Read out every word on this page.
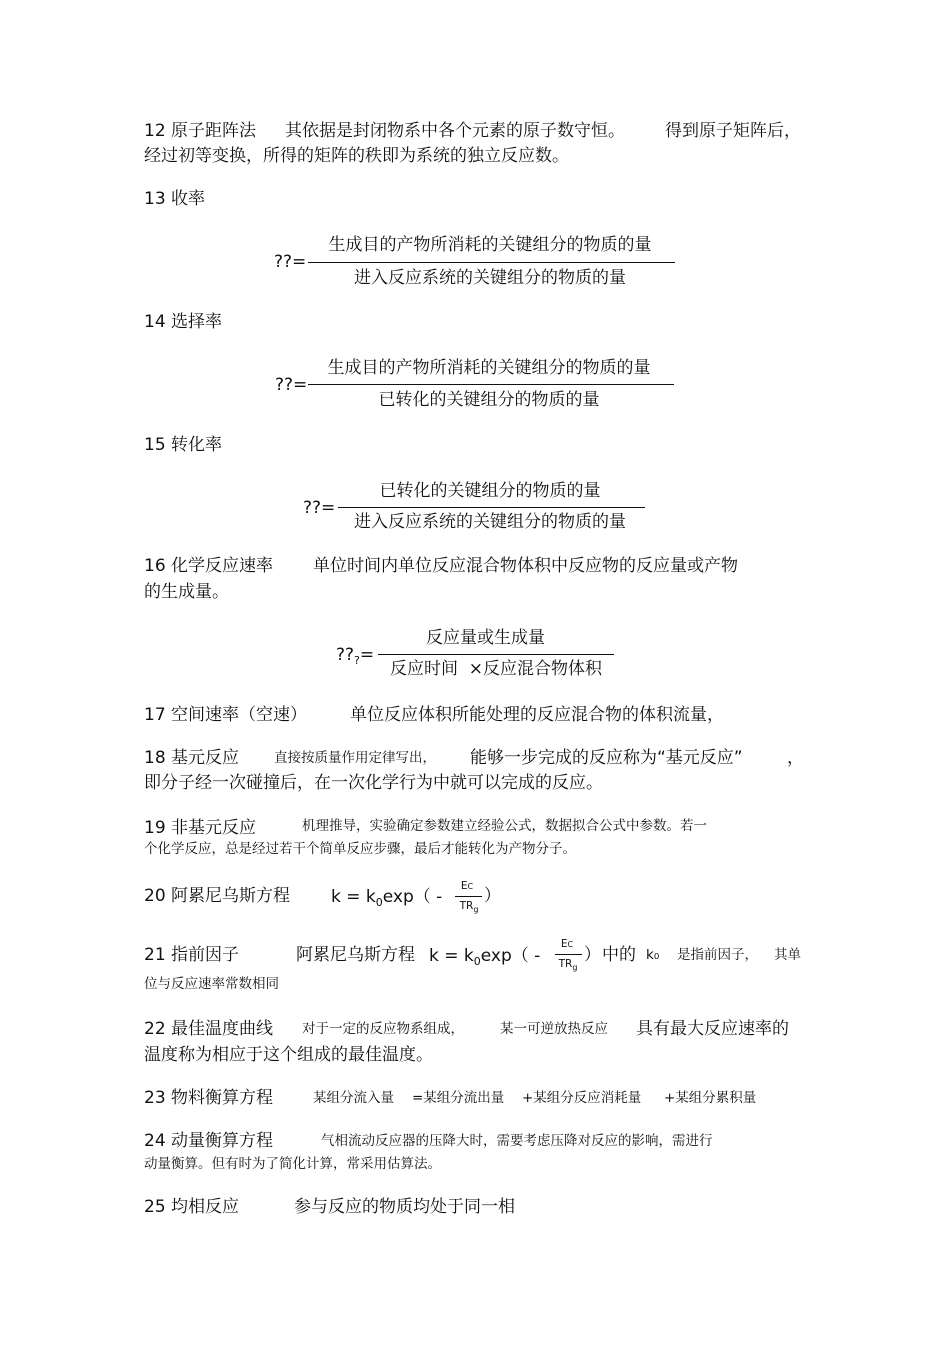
12 原子距阵法 其依据是封闭物系中各个元素的原子数守恒。 得到原子矩阵后，
经过初等变换，所得的矩阵的秩即为系统的独立反应数。
13 收率
??=
生成目的产物所消耗的关键组分的物质的量
进入反应系统的关键组分的物质的量
14 选择率
??=
生成目的产物所消耗的关键组分的物质的量
已转化的关键组分的物质的量
15 转化率
??=
已转化的关键组分的物质的量
进入反应系统的关键组分的物质的量
16 化学反应速率 单位时间内单位反应混合物体积中反应物的反应量或产物
的生成量。
$??_?=$
反应量或生成量
反应时间  ×反应混合物体积
17 空间速率（空速）	单位反应体积所能处理的反应混合物的体积流量，
18 基元反应	直接按质量作用定律写出， 能够一步完成的反应称为“基元反应”	，
即分子经一次碰撞后，在一次化学行为中就可以完成的反应。
19 非基元反应	机理推导，实验确定参数建立经验公式，数据拟合公式中参数。若一
个化学反应，总是经过若干个简单反应步骤，最后才能转化为产物分子。
20 阿累尼乌斯方程 $k = k_0\exp$（ -
EC
$TR_g$
）
21 指前因子	阿累尼乌斯方程 $k = k_0\exp$（ -
EC
$TR_g$
） 中的 k₀ 是指前因子， 其单
位与反应速率常数相同
22 最佳温度曲线 对于一定的反应物系组成，	某一可逆放热反应 具有最大反应速率的
温度称为相应于这个组成的最佳温度。
23 物料衡算方程	某组分流入量 =某组分流出量 +某组分反应消耗量 +某组分累积量
24 动量衡算方程	气相流动反应器的压降大时，需要考虑压降对反应的影响，需进行
动量衡算。但有时为了简化计算，常采用估算法。
25 均相反应	参与反应的物质均处于同一相
